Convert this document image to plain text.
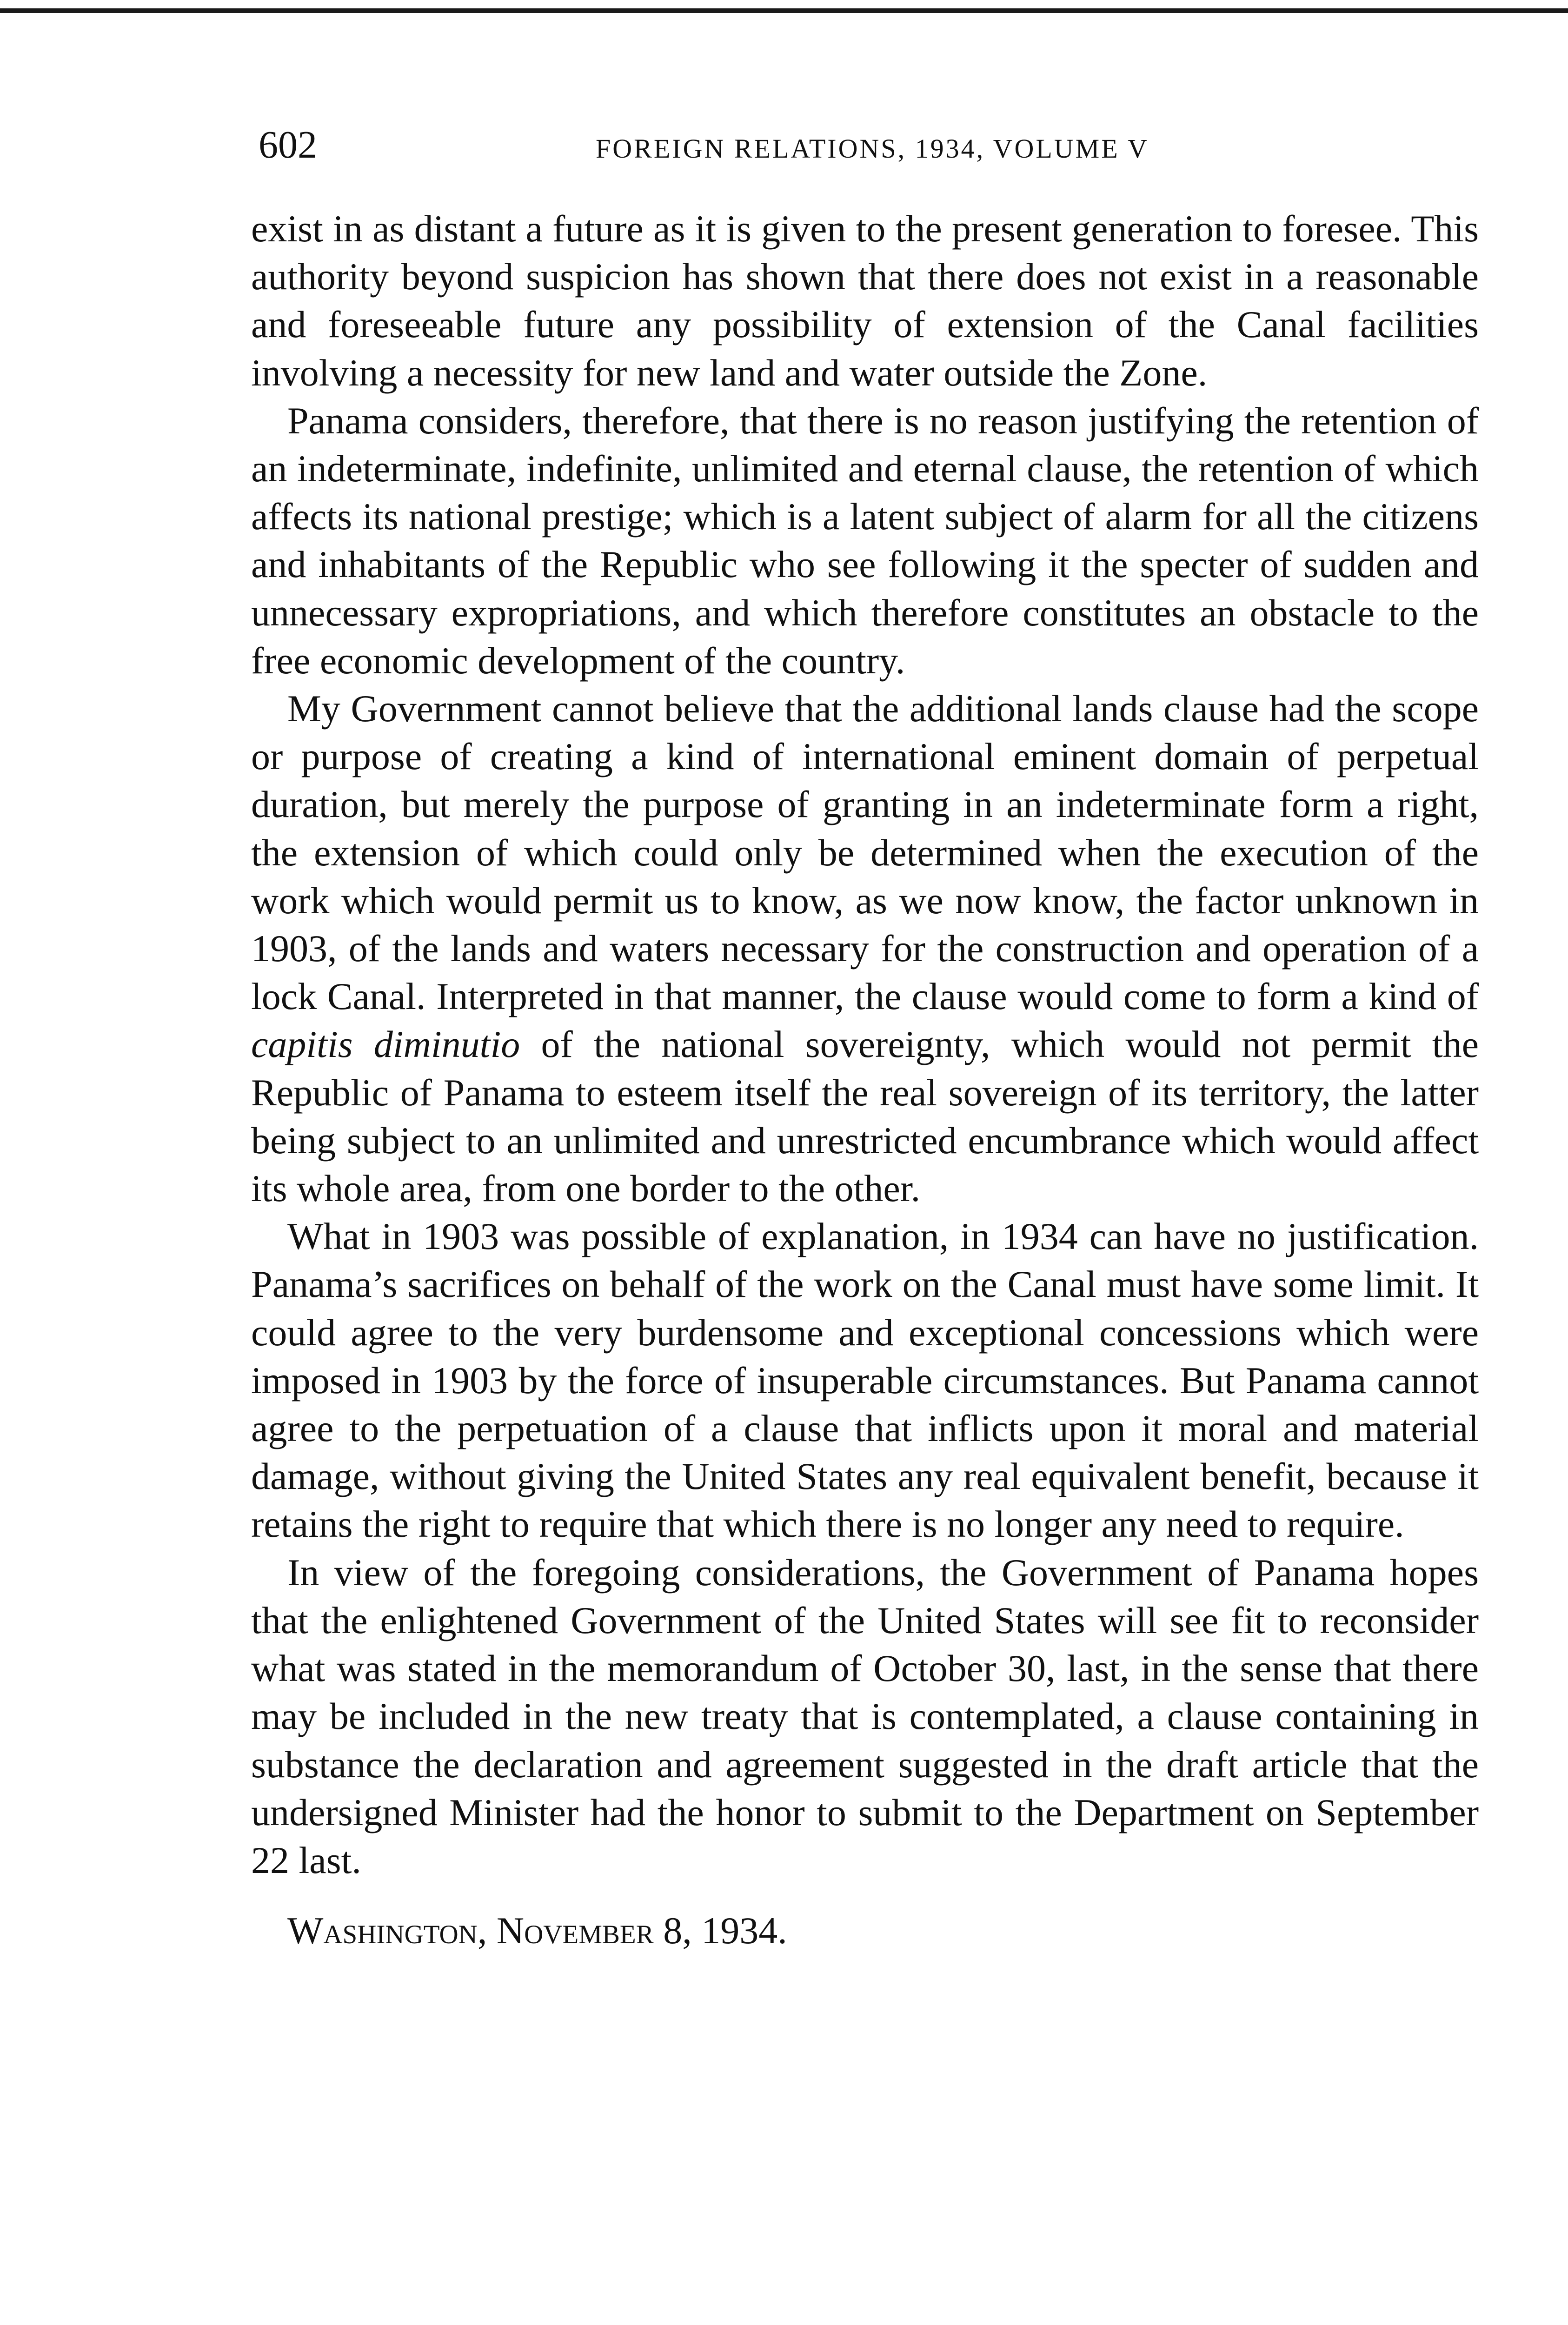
602	FOREIGN RELATIONS, 1934, VOLUME V

exist in as distant a future as it is given to the present generation to foresee. This authority beyond suspicion has shown that there does not exist in a reasonable and foreseeable future any possibility of extension of the Canal facilities involving a necessity for new land and water outside the Zone.

Panama considers, therefore, that there is no reason justifying the retention of an indeterminate, indefinite, unlimited and eternal clause, the retention of which affects its national prestige; which is a latent subject of alarm for all the citizens and inhabitants of the Republic who see following it the specter of sudden and unnecessary expropriations, and which therefore constitutes an obstacle to the free economic development of the country.

My Government cannot believe that the additional lands clause had the scope or purpose of creating a kind of international eminent domain of perpetual duration, but merely the purpose of granting in an indeterminate form a right, the extension of which could only be determined when the execution of the work which would permit us to know, as we now know, the factor unknown in 1903, of the lands and waters necessary for the construction and operation of a lock Canal. Interpreted in that manner, the clause would come to form a kind of capitis diminutio of the national sovereignty, which would not permit the Republic of Panama to esteem itself the real sovereign of its territory, the latter being subject to an unlimited and unrestricted encumbrance which would affect its whole area, from one border to the other.

What in 1903 was possible of explanation, in 1934 can have no justification. Panama’s sacrifices on behalf of the work on the Canal must have some limit. It could agree to the very burdensome and exceptional concessions which were imposed in 1903 by the force of insuperable circumstances. But Panama cannot agree to the perpetuation of a clause that inflicts upon it moral and material damage, without giving the United States any real equivalent benefit, because it retains the right to require that which there is no longer any need to require.

In view of the foregoing considerations, the Government of Panama hopes that the enlightened Government of the United States will see fit to reconsider what was stated in the memorandum of October 30, last, in the sense that there may be included in the new treaty that is contemplated, a clause containing in substance the declaration and agreement suggested in the draft article that the undersigned Minister had the honor to submit to the Department on September 22 last.

Washington, November 8, 1934.
